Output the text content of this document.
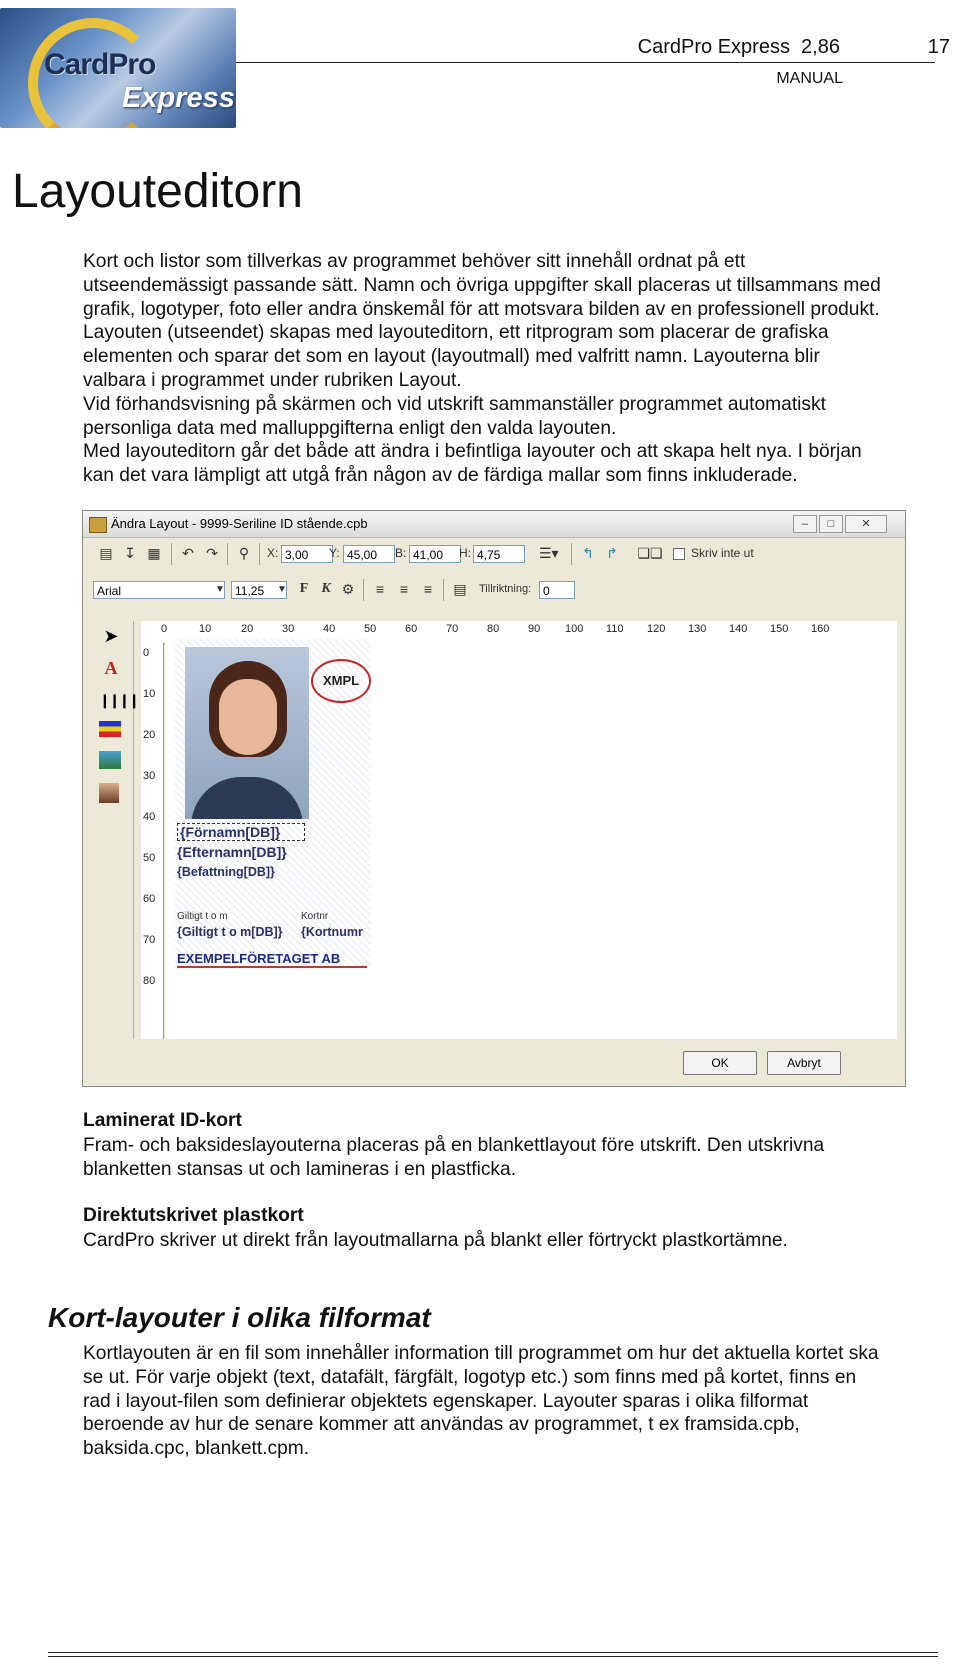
CardPro
Express
CardPro Express  2,86	17
MANUAL
Layouteditorn
Kort och listor som tillverkas av programmet behöver sitt innehåll ordnat på ett
utseendemässigt passande sätt. Namn och övriga uppgifter skall placeras ut tillsammans med
grafik, logotyper, foto eller andra önskemål för att motsvara bilden av en professionell produkt.
Layouten (utseendet) skapas med layouteditorn, ett ritprogram som placerar de grafiska
elementen och sparar det som en layout (layoutmall) med valfritt namn. Layouterna blir
valbara i programmet under rubriken Layout.
Vid förhandsvisning på skärmen och vid utskrift sammanställer programmet automatiskt
personliga data med malluppgifterna enligt den valda layouten.
Med layouteditorn går det både att ändra i befintliga layouter och att skapa helt nya. I början
kan det vara lämpligt att utgå från någon av de färdiga mallar som finns inkluderade.
Ändra Layout - 9999-Seriline ID stående.cpb	–	□	✕
▤ ↧ ▦ ↶ ↷ ⚲	X: 3,00	Y: 45,00	B: 41,00	H: 4,75	☰▾ ↰ ↱ ❏❏ Skriv inte ut
Arial	▼ 11,25	▼ F K ⚙	≡	≡	≡	▤ Tillriktning: 0
➤
A
❙❙❙❙
0	10	20	30	40	50	60	70	80	90 100 110 120 130 140 150 160
0
10
20
30
40
50
60
70
80
XMPL
{Förnamn[DB]}
{Efternamn[DB]}
{Befattning[DB]}
Giltigt t o m	Kortnr
{Giltigt t o m[DB]} {Kortnumr
EXEMPELFÖRETAGET AB
OK	Avbryt
Laminerat ID-kort
Fram- och baksideslayouterna placeras på en blankettlayout före utskrift. Den utskrivna
blanketten stansas ut och lamineras i en plastficka.
Direktutskrivet plastkort
CardPro skriver ut direkt från layoutmallarna på blankt eller förtryckt plastkortämne.
Kort-layouter i olika filformat
Kortlayouten är en fil som innehåller information till programmet om hur det aktuella kortet ska
se ut. För varje objekt (text, datafält, färgfält, logotyp etc.) som finns med på kortet, finns en
rad i layout-filen som definierar objektets egenskaper. Layouter sparas i olika filformat
beroende av hur de senare kommer att användas av programmet, t ex framsida.cpb,
baksida.cpc, blankett.cpm.
